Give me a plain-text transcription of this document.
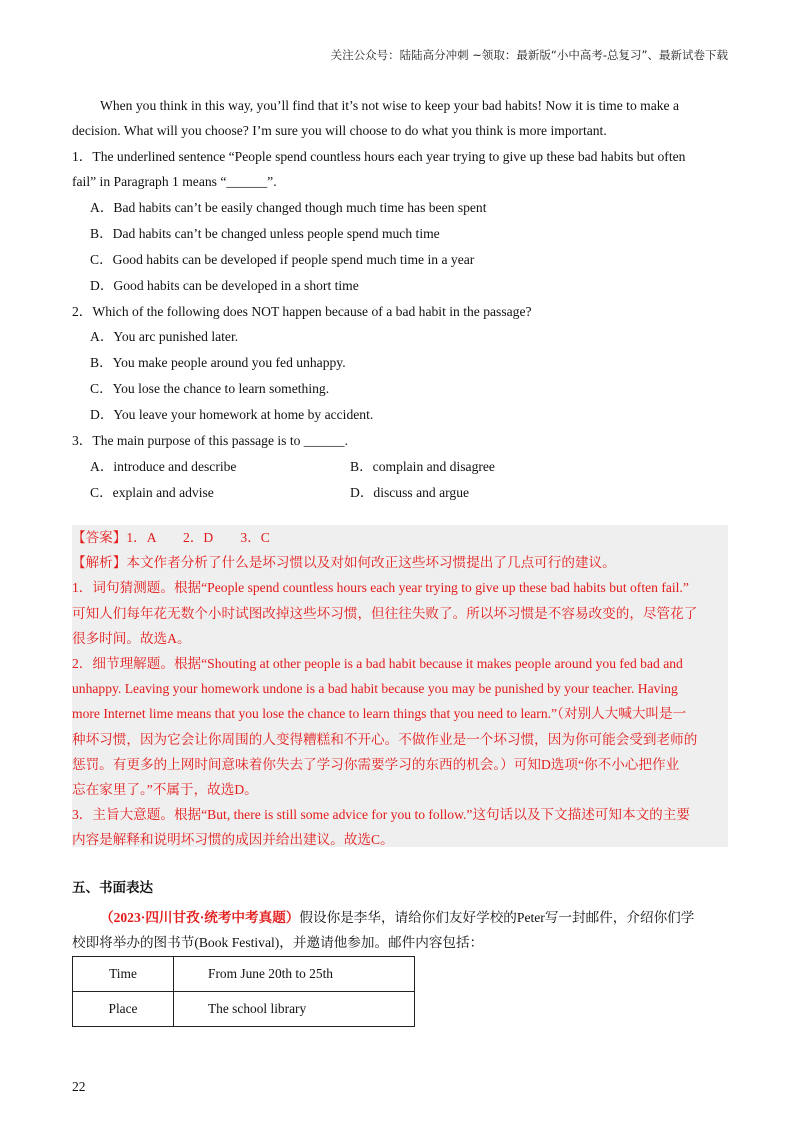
关注公众号：陆陆高分冲刺 ~领取：最新版“小中高考-总复习”、最新试卷下载

When you think in this way, you’ll find that it’s not wise to keep your bad habits! Now it is time to make a

decision. What will you choose? I’m sure you will choose to do what you think is more important.

1．The underlined sentence “People spend countless hours each year trying to give up these bad habits but often

fail” in Paragraph 1 means “______”.

A．Bad habits can’t be easily changed though much time has been spent

B．Dad habits can’t be changed unless people spend much time

C．Good habits can be developed if people spend much time in a year

D．Good habits can be developed in a short time

2．Which of the following does NOT happen because of a bad habit in the passage?

A．You arc punished later.

B．You make people around you fed unhappy.

C．You lose the chance to learn something.

D．You leave your homework at home by accident.

3．The main purpose of this passage is to ______.

A．introduce and describe	B．complain and disagree
C．explain and advise	D．discuss and argue

【答案】1．A　　2．D　　3．C

【解析】本文作者分析了什么是坏习惯以及对如何改正这些坏习惯提出了几点可行的建议。

1．词句猜测题。根据“People spend countless hours each year trying to give up these bad habits but often fail.”

可知人们每年花无数个小时试图改掉这些坏习惯，但往往失败了。所以坏习惯是不容易改变的，尽管花了

很多时间。故选A。

2．细节理解题。根据“Shouting at other people is a bad habit because it makes people around you fed bad and

unhappy. Leaving your homework undone is a bad habit because you may be punished by your teacher. Having

more Internet lime means that you lose the chance to learn things that you need to learn.”（对别人大喊大叫是一

种坏习惯，因为它会让你周围的人变得糟糕和不开心。不做作业是一个坏习惯，因为你可能会受到老师的

惩罚。有更多的上网时间意味着你失去了学习你需要学习的东西的机会。）可知D选项“你不小心把作业

忘在家里了。”不属于，故选D。

3．主旨大意题。根据“But, there is still some advice for you to follow.”这句话以及下文描述可知本文的主要

内容是解释和说明坏习惯的成因并给出建议。故选C。

五、书面表达
（2023·四川甘孜·统考中考真题）假设你是李华，请给你们友好学校的Peter写一封邮件，介绍你们学
校即将举办的图书节(Book Festival)，并邀请他参加。邮件内容包括：
Time	From June 20th to 25th
Place	The school library
22
